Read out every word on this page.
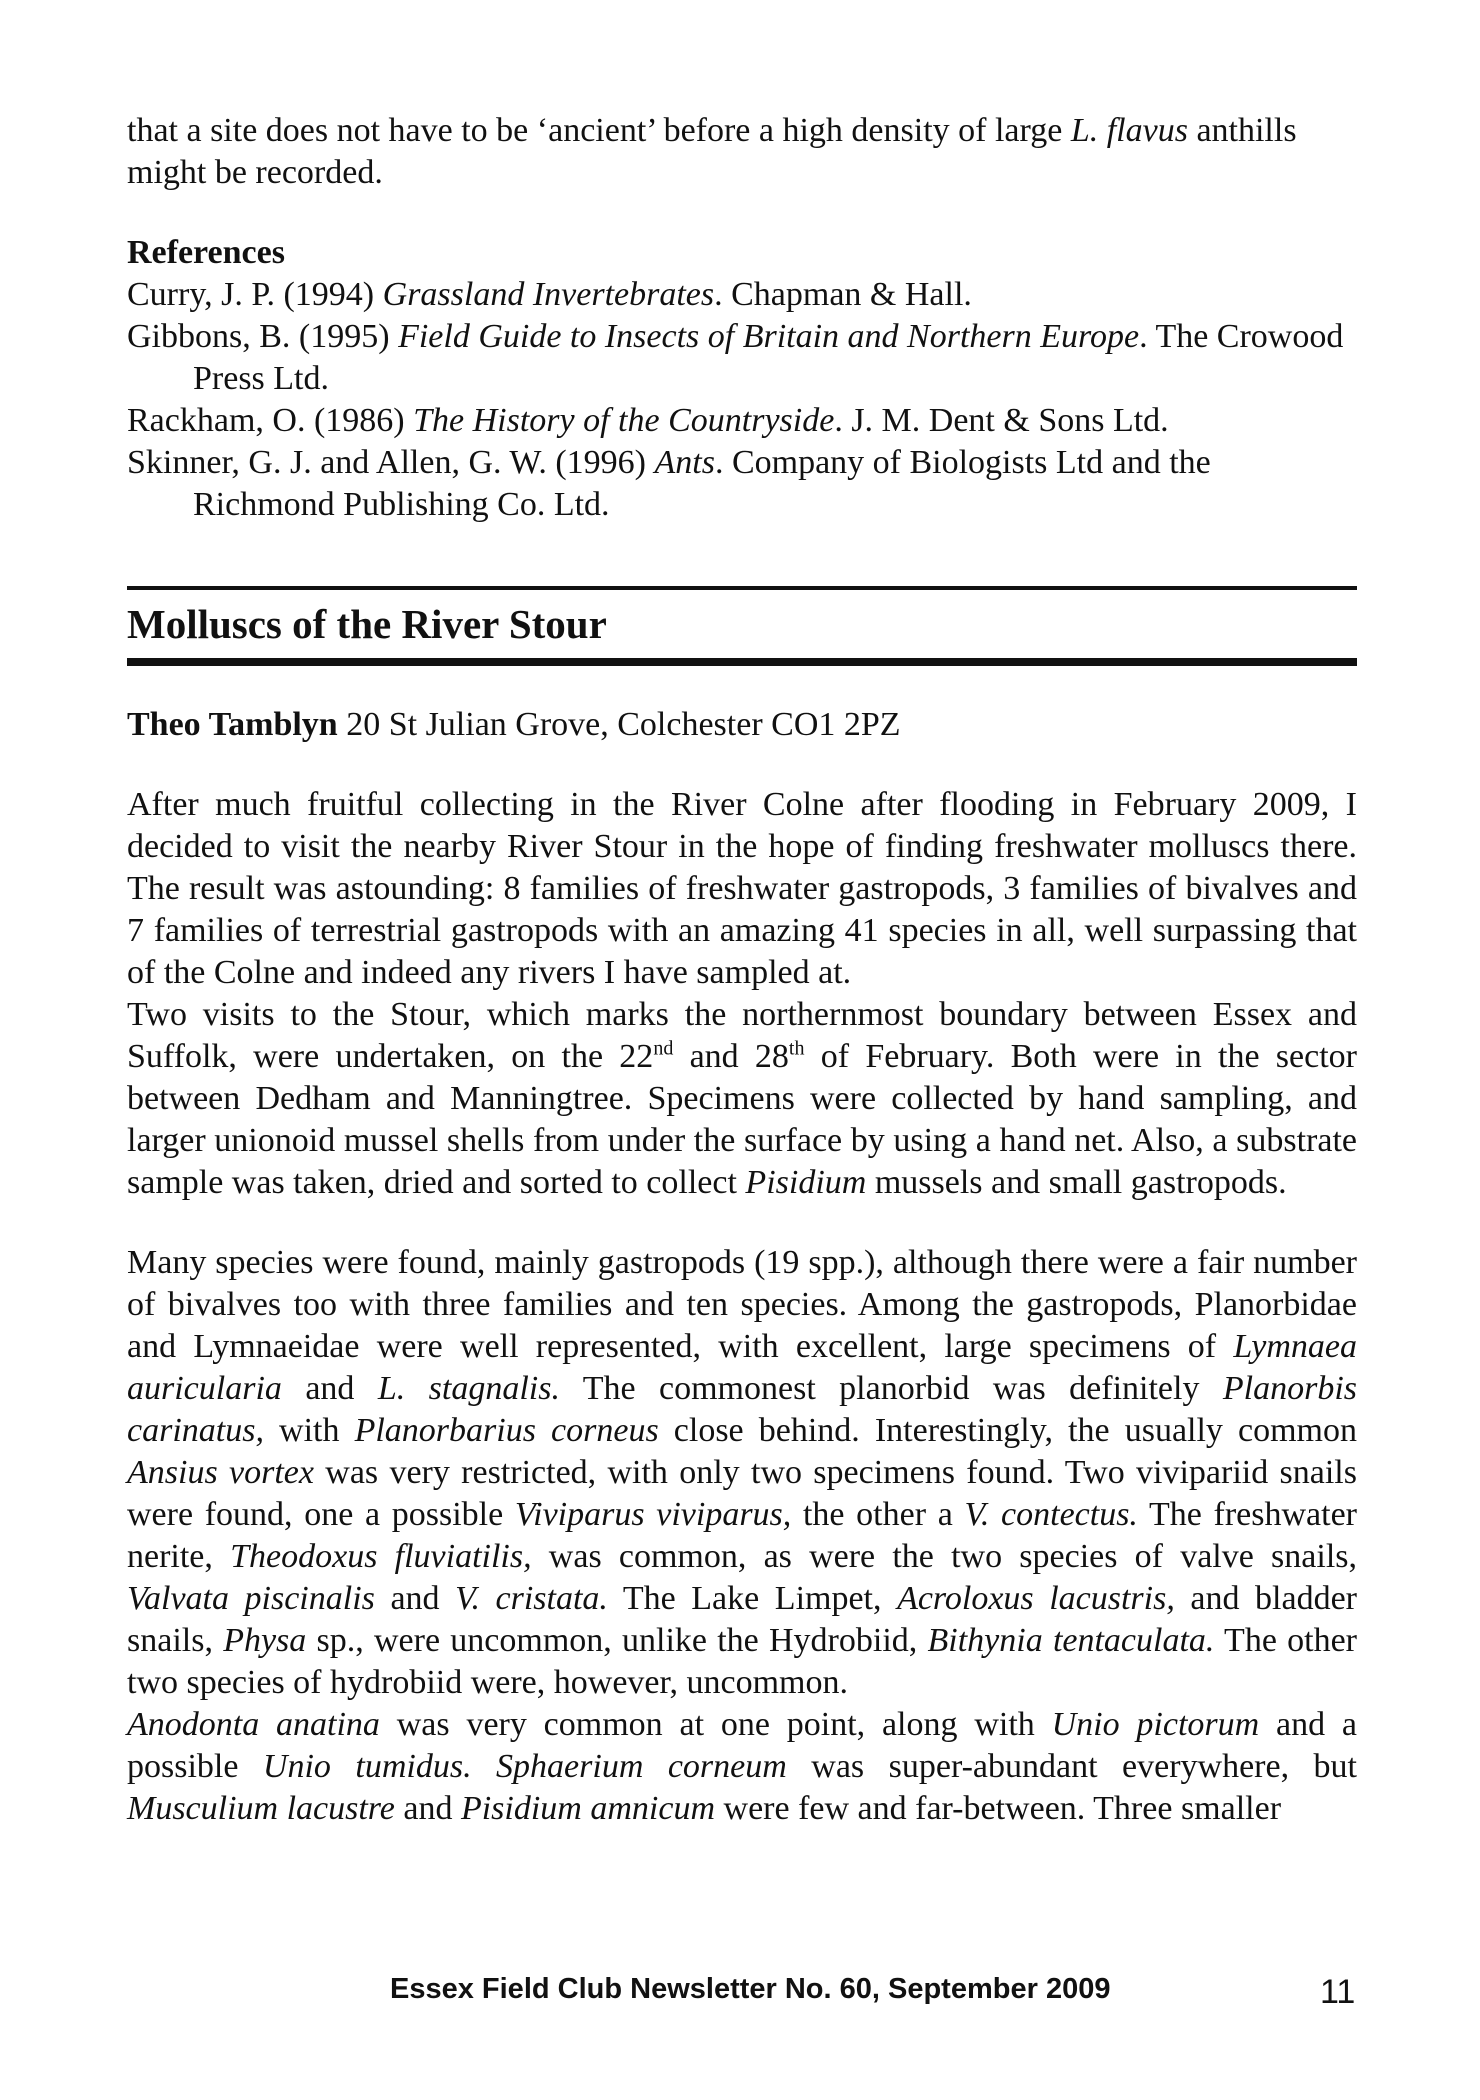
that a site does not have to be ‘ancient’ before a high density of large L. flavus anthills might be recorded.

References

Curry, J. P. (1994) Grassland Invertebrates. Chapman & Hall.

Gibbons, B. (1995) Field Guide to Insects of Britain and Northern Europe. The Crowood Press Ltd.

Rackham, O. (1986) The History of the Countryside. J. M. Dent & Sons Ltd.

Skinner, G. J. and Allen, G. W. (1996) Ants. Company of Biologists Ltd and the Richmond Publishing Co. Ltd.

Molluscs of the River Stour

Theo Tamblyn 20 St Julian Grove, Colchester CO1 2PZ

After much fruitful collecting in the River Colne after flooding in February 2009, I decided to visit the nearby River Stour in the hope of finding freshwater molluscs there. The result was astounding: 8 families of freshwater gastropods, 3 families of bivalves and 7 families of terrestrial gastropods with an amazing 41 species in all, well surpassing that of the Colne and indeed any rivers I have sampled at.

Two visits to the Stour, which marks the northernmost boundary between Essex and Suffolk, were undertaken, on the 22nd and 28th of February. Both were in the sector between Dedham and Manningtree. Specimens were collected by hand sampling, and larger unionoid mussel shells from under the surface by using a hand net. Also, a substrate sample was taken, dried and sorted to collect Pisidium mussels and small gastropods.

Many species were found, mainly gastropods (19 spp.), although there were a fair number of bivalves too with three families and ten species. Among the gastropods, Planorbidae and Lymnaeidae were well represented, with excellent, large specimens of Lymnaea auricularia and L. stagnalis. The commonest planorbid was definitely Planorbis carinatus, with Planorbarius corneus close behind. Interestingly, the usually common Ansius vortex was very restricted, with only two specimens found. Two vivipariid snails were found, one a possible Viviparus viviparus, the other a V. contectus. The freshwater nerite, Theodoxus fluviatilis, was common, as were the two species of valve snails, Valvata piscinalis and V. cristata. The Lake Limpet, Acroloxus lacustris, and bladder snails, Physa sp., were uncommon, unlike the Hydrobiid, Bithynia tentaculata. The other two species of hydrobiid were, however, uncommon.

Anodonta anatina was very common at one point, along with Unio pictorum and a possible Unio tumidus. Sphaerium corneum was super-abundant everywhere, but Musculium lacustre and Pisidium amnicum were few and far-between. Three smaller

Essex Field Club Newsletter No. 60, September 2009	11
